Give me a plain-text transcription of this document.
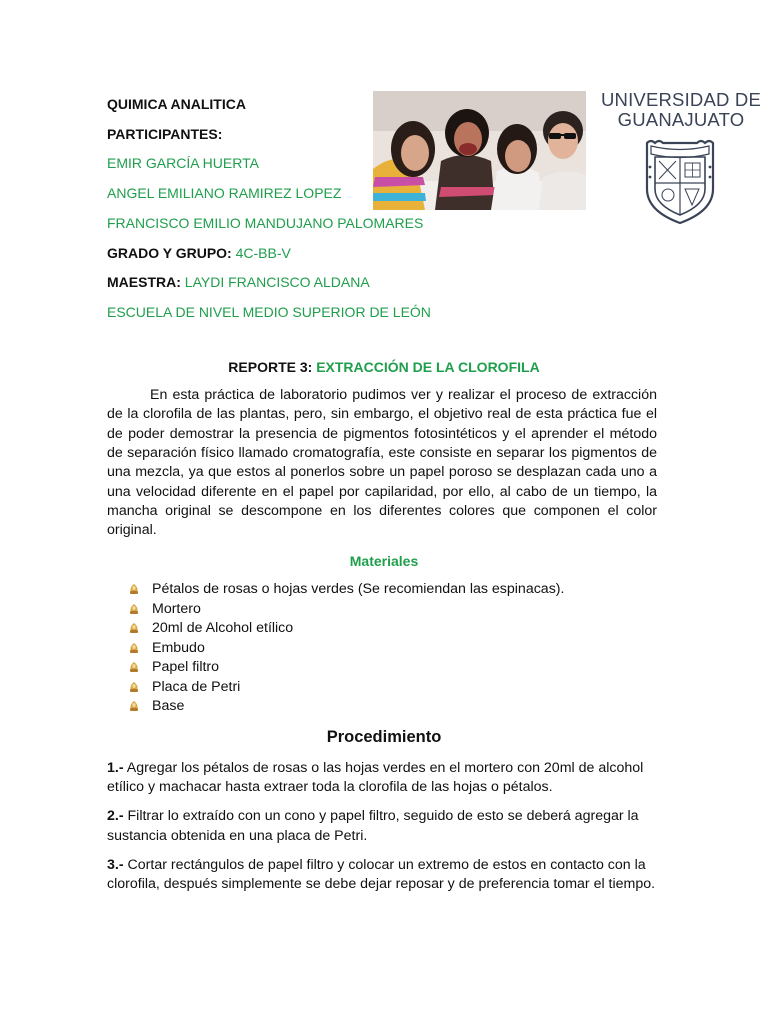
QUIMICA ANALITICA
PARTICIPANTES:
EMIR GARCÍA HUERTA
ANGEL EMILIANO RAMIREZ LOPEZ
FRANCISCO EMILIO MANDUJANO PALOMARES
GRADO Y GRUPO: 4C-BB-V
MAESTRA: LAYDI FRANCISCO ALDANA
ESCUELA DE NIVEL MEDIO SUPERIOR DE LEÓN
UNIVERSIDAD DE
GUANAJUATO
REPORTE 3: EXTRACCIÓN DE LA CLOROFILA

En esta práctica de laboratorio pudimos ver y realizar el proceso de extracción de la clorofila de las plantas, pero, sin embargo, el objetivo real de esta práctica fue el de poder demostrar la presencia de pigmentos fotosintéticos y el aprender el método de separación físico llamado cromatografía, este consiste en separar los pigmentos de una mezcla, ya que estos al ponerlos sobre un papel poroso se desplazan cada uno a una velocidad diferente en el papel por capilaridad, por ello, al cabo de un tiempo, la mancha original se descompone en los diferentes colores que componen el color original.

Materiales
Pétalos de rosas o hojas verdes (Se recomiendan las espinacas).
Mortero
20ml de Alcohol etílico
Embudo
Papel filtro
Placa de Petri
Base
Procedimiento

1.- Agregar los pétalos de rosas o las hojas verdes en el mortero con 20ml de alcohol etílico y machacar hasta extraer toda la clorofila de las hojas o pétalos.

2.- Filtrar lo extraído con un cono y papel filtro, seguido de esto se deberá agregar la sustancia obtenida en una placa de Petri.

3.- Cortar rectángulos de papel filtro y colocar un extremo de estos en contacto con la clorofila, después simplemente se debe dejar reposar y de preferencia tomar el tiempo.
